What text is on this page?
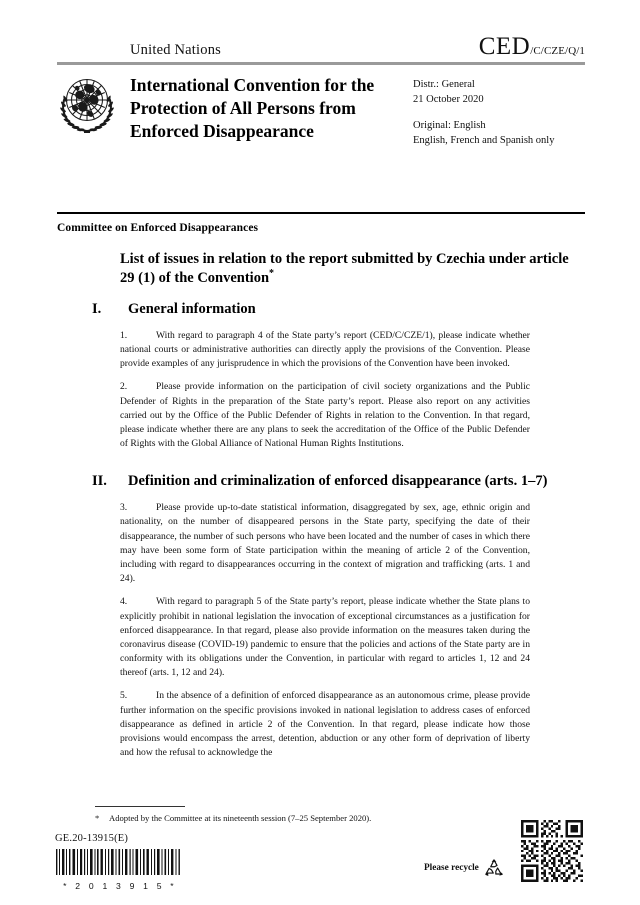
United Nations	CED /C/CZE/Q/1
International Convention for the Protection of All Persons from Enforced Disappearance
Distr.: General
21 October 2020
Original: English
English, French and Spanish only
Committee on Enforced Disappearances
List of issues in relation to the report submitted by Czechia under article 29 (1) of the Convention*
I.	General information

1.	With regard to paragraph 4 of the State party’s report (CED/C/CZE/1), please indicate whether national courts or administrative authorities can directly apply the provisions of the Convention. Please provide examples of any jurisprudence in which the provisions of the Convention have been invoked.

2.	Please provide information on the participation of civil society organizations and the Public Defender of Rights in the preparation of the State party’s report. Please also report on any activities carried out by the Office of the Public Defender of Rights in relation to the Convention. In that regard, please indicate whether there are any plans to seek the accreditation of the Office of the Public Defender of Rights with the Global Alliance of National Human Rights Institutions.

II.	Definition and criminalization of enforced disappearance (arts. 1–7)

3.	Please provide up-to-date statistical information, disaggregated by sex, age, ethnic origin and nationality, on the number of disappeared persons in the State party, specifying the date of their disappearance, the number of such persons who have been located and the number of cases in which there may have been some form of State participation within the meaning of article 2 of the Convention, including with regard to disappearances occurring in the context of migration and trafficking (arts. 1 and 24).

4.	With regard to paragraph 5 of the State party’s report, please indicate whether the State plans to explicitly prohibit in national legislation the invocation of exceptional circumstances as a justification for enforced disappearance. In that regard, please also provide information on the measures taken during the coronavirus disease (COVID-19) pandemic to ensure that the policies and actions of the State party are in conformity with its obligations under the Convention, in particular with regard to articles 1, 12 and 24 thereof (arts. 1, 12 and 24).

5.	In the absence of a definition of enforced disappearance as an autonomous crime, please provide further information on the specific provisions invoked in national legislation to address cases of enforced disappearance as defined in article 2 of the Convention. In that regard, please indicate how those provisions would encompass the arrest, detention, abduction or any other form of deprivation of liberty and how the refusal to acknowledge the

* Adopted by the Committee at its nineteenth session (7–25 September 2020).
GE.20-13915(E)
* 2 0 1 3 9 1 5 *
Please recycle
